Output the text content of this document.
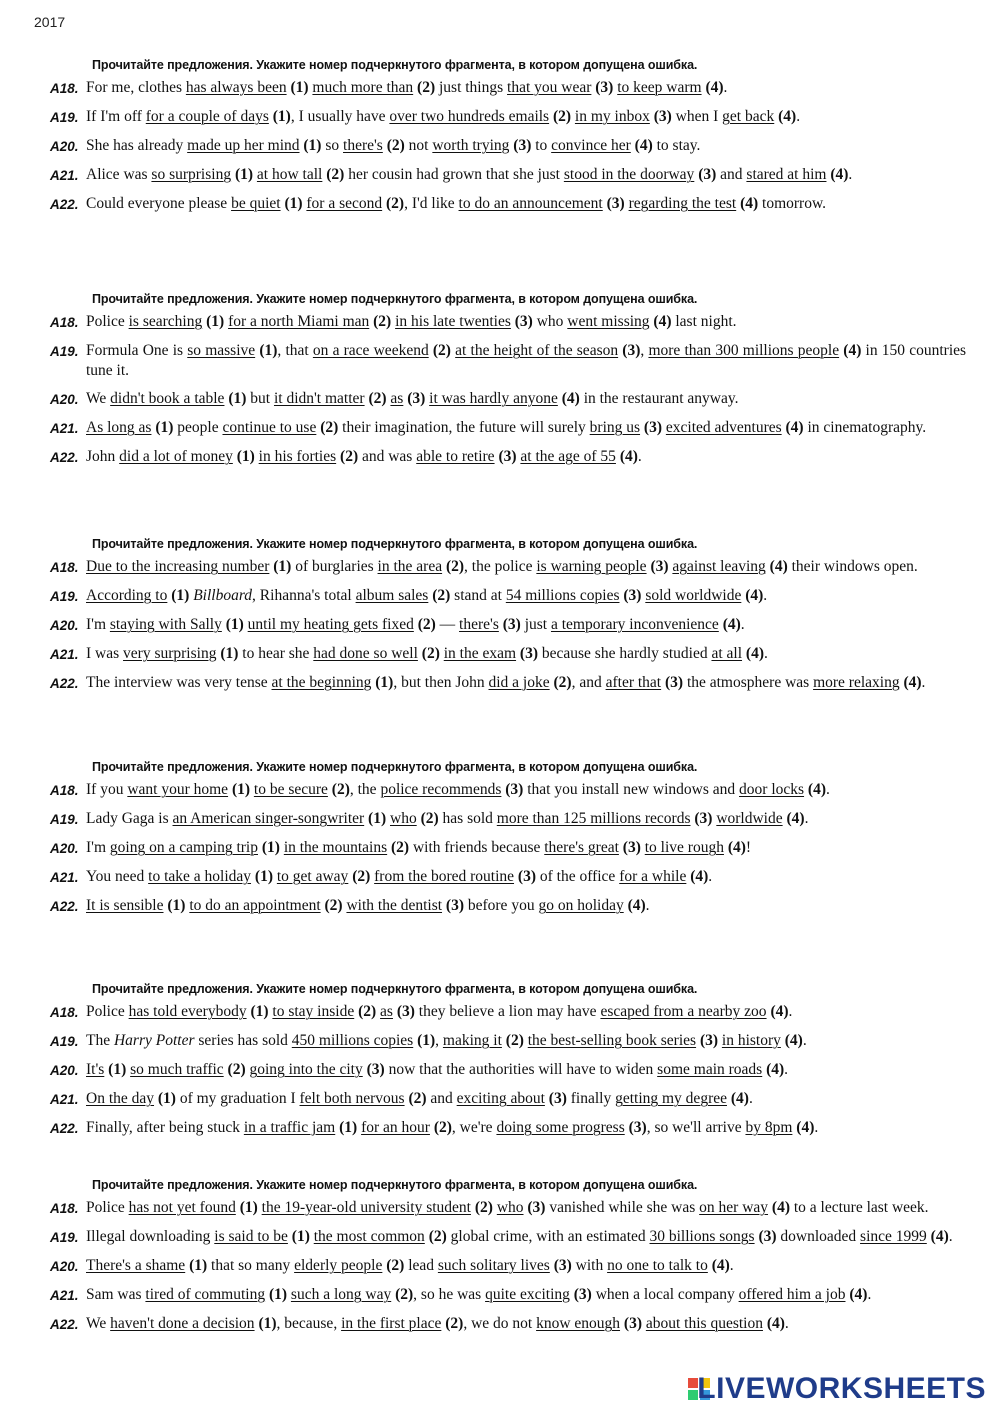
2017
Прочитайте предложения. Укажите номер подчеркнутого фрагмента, в котором допущена ошибка.
A18. For me, clothes has always been (1) much more than (2) just things that you wear (3) to keep warm (4).
A19. If I'm off for a couple of days (1), I usually have over two hundreds emails (2) in my inbox (3) when I get back (4).
A20. She has already made up her mind (1) so there's (2) not worth trying (3) to convince her (4) to stay.
A21. Alice was so surprising (1) at how tall (2) her cousin had grown that she just stood in the doorway (3) and stared at him (4).
A22. Could everyone please be quiet (1) for a second (2), I'd like to do an announcement (3) regarding the test (4) tomorrow.
Прочитайте предложения. Укажите номер подчеркнутого фрагмента, в котором допущена ошибка.
A18. Police is searching (1) for a north Miami man (2) in his late twenties (3) who went missing (4) last night.
A19. Formula One is so massive (1), that on a race weekend (2) at the height of the season (3), more than 300 millions people (4) in 150 countries tune it.
A20. We didn't book a table (1) but it didn't matter (2) as (3) it was hardly anyone (4) in the restaurant anyway.
A21. As long as (1) people continue to use (2) their imagination, the future will surely bring us (3) excited adventures (4) in cinematography.
A22. John did a lot of money (1) in his forties (2) and was able to retire (3) at the age of 55 (4).
Прочитайте предложения. Укажите номер подчеркнутого фрагмента, в котором допущена ошибка.
A18. Due to the increasing number (1) of burglaries in the area (2), the police is warning people (3) against leaving (4) their windows open.
A19. According to (1) Billboard, Rihanna's total album sales (2) stand at 54 millions copies (3) sold worldwide (4).
A20. I'm staying with Sally (1) until my heating gets fixed (2) — there's (3) just a temporary inconvenience (4).
A21. I was very surprising (1) to hear she had done so well (2) in the exam (3) because she hardly studied at all (4).
A22. The interview was very tense at the beginning (1), but then John did a joke (2), and after that (3) the atmosphere was more relaxing (4).
Прочитайте предложения. Укажите номер подчеркнутого фрагмента, в котором допущена ошибка.
A18. If you want your home (1) to be secure (2), the police recommends (3) that you install new windows and door locks (4).
A19. Lady Gaga is an American singer-songwriter (1) who (2) has sold more than 125 millions records (3) worldwide (4).
A20. I'm going on a camping trip (1) in the mountains (2) with friends because there's great (3) to live rough (4)!
A21. You need to take a holiday (1) to get away (2) from the bored routine (3) of the office for a while (4).
A22. It is sensible (1) to do an appointment (2) with the dentist (3) before you go on holiday (4).
Прочитайте предложения. Укажите номер подчеркнутого фрагмента, в котором допущена ошибка.
A18. Police has told everybody (1) to stay inside (2) as (3) they believe a lion may have escaped from a nearby zoo (4).
A19. The Harry Potter series has sold 450 millions copies (1), making it (2) the best-selling book series (3) in history (4).
A20. It's (1) so much traffic (2) going into the city (3) now that the authorities will have to widen some main roads (4).
A21. On the day (1) of my graduation I felt both nervous (2) and exciting about (3) finally getting my degree (4).
A22. Finally, after being stuck in a traffic jam (1) for an hour (2), we're doing some progress (3), so we'll arrive by 8pm (4).
Прочитайте предложения. Укажите номер подчеркнутого фрагмента, в котором допущена ошибка.
A18. Police has not yet found (1) the 19-year-old university student (2) who (3) vanished while she was on her way (4) to a lecture last week.
A19. Illegal downloading is said to be (1) the most common (2) global crime, with an estimated 30 billions songs (3) downloaded since 1999 (4).
A20. There's a shame (1) that so many elderly people (2) lead such solitary lives (3) with no one to talk to (4).
A21. Sam was tired of commuting (1) such a long way (2), so he was quite exciting (3) when a local company offered him a job (4).
A22. We haven't done a decision (1), because, in the first place (2), we do not know enough (3) about this question (4).
LIVEWORKSHEETS
